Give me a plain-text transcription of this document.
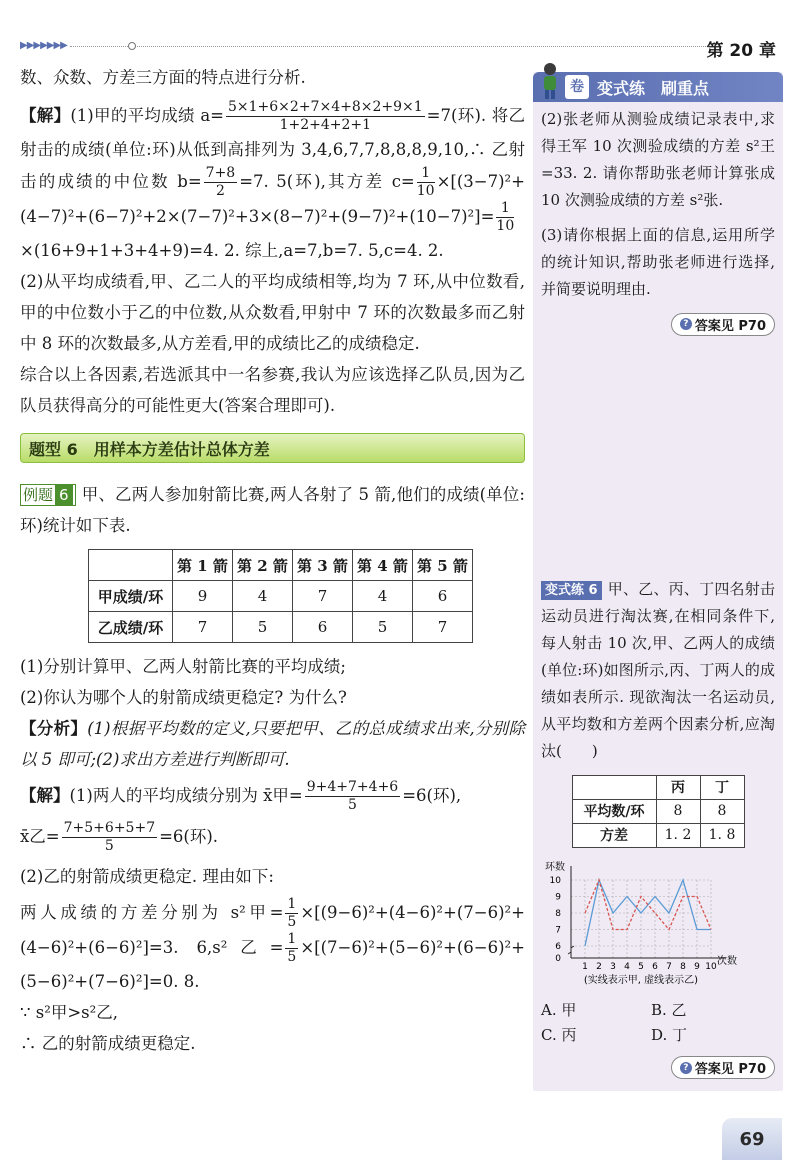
▶▶▶▶▶▶▶	第 20 章
数、众数、方差三方面的特点进行分析.
【解】(1)甲的平均成绩 $a= \frac{5\times 1+6\times 2+7\times 4+8\times 2+9\times 1}{1+2+4+2+1} =7$(环). 将乙射击的成绩(单位:环)从低到高排列为 3,4,6,7,7,8,8,8,9,10,∴ 乙射击的成绩的中位数 $b= \frac{7+8}{2} =7$. 5(环),其方差 $c= \frac{1}{10} \times[(3-7)^2+(4-7)^2+(6-7)^2+2\times(7-7)^2+3\times(8-7)^2+(9-7)^2+(10-7)^2]= \frac{1}{10}$
×(16+9+1+3+4+9)=4. 2. 综上,a=7,b=7. 5,c=4. 2.
(2)从平均成绩看,甲、乙二人的平均成绩相等,均为 7 环,从中位数看,甲的中位数小于乙的中位数,从众数看,甲射中 7 环的次数最多而乙射中 8 环的次数最多,从方差看,甲的成绩比乙的成绩稳定.
综合以上各因素,若选派其中一名参赛,我认为应该选择乙队员,因为乙队员获得高分的可能性更大(答案合理即可).
题型 6　用样本方差估计总体方差
例题 6 甲、乙两人参加射箭比赛,两人各射了 5 箭,他们的成绩(单位:环)统计如下表.
	第 1 箭	第 2 箭	第 3 箭	第 4 箭	第 5 箭
甲成绩/环	9	4	7	4	6
乙成绩/环	7	5	6	5	7
(1)分别计算甲、乙两人射箭比赛的平均成绩;
(2)你认为哪个人的射箭成绩更稳定? 为什么?
【分析】(1)根据平均数的定义,只要把甲、乙的总成绩求出来,分别除以 5 即可;(2)求出方差进行判断即可.
【解】(1)两人的平均成绩分别为 x̄甲= $\frac{9+4+7+4+6}{5} =6$(环),
x̄乙= $\frac{7+5+6+5+7}{5} =6$(环).
(2)乙的射箭成绩更稳定. 理由如下:
两人成绩的方差分别为 s²甲= $\frac{1}{5} \times[(9-6)^2+(4-6)^2+(7-6)^2+(4-6)^2+(6-6)^2]=3$. 6,s²乙= $\frac{1}{5} \times[(7-6)^2+(5-6)^2+(6-6)^2+(5-6)^2+(7-6)^2]=0$. 8.
∵ s²甲>s²乙,
∴ 乙的射箭成绩更稳定.
卷 变式练　刷重点
(2)张老师从测验成绩记录表中,求得王军 10 次测验成绩的方差 s²王=33. 2. 请你帮助张老师计算张成 10 次测验成绩的方差 s²张.
(3)请你根据上面的信息,运用所学的统计知识,帮助张老师进行选择,并简要说明理由.
? 答案见 P70
变式练 6 甲、乙、丙、丁四名射击运动员进行淘汰赛,在相同条件下,每人射击 10 次,甲、乙两人的成绩(单位:环)如图所示,丙、丁两人的成绩如表所示. 现欲淘汰一名运动员,从平均数和方差两个因素分析,应淘汰(　　)
	丙	丁
平均数/环	8	8
方差	1. 2	1. 8
环数
次数
0
6
7
8
9
10
1 2 3 4 5 6 7 8 9 10
(实线表示甲, 虚线表示乙)
A. 甲	B. 乙
C. 丙	D. 丁
? 答案见 P70
69
